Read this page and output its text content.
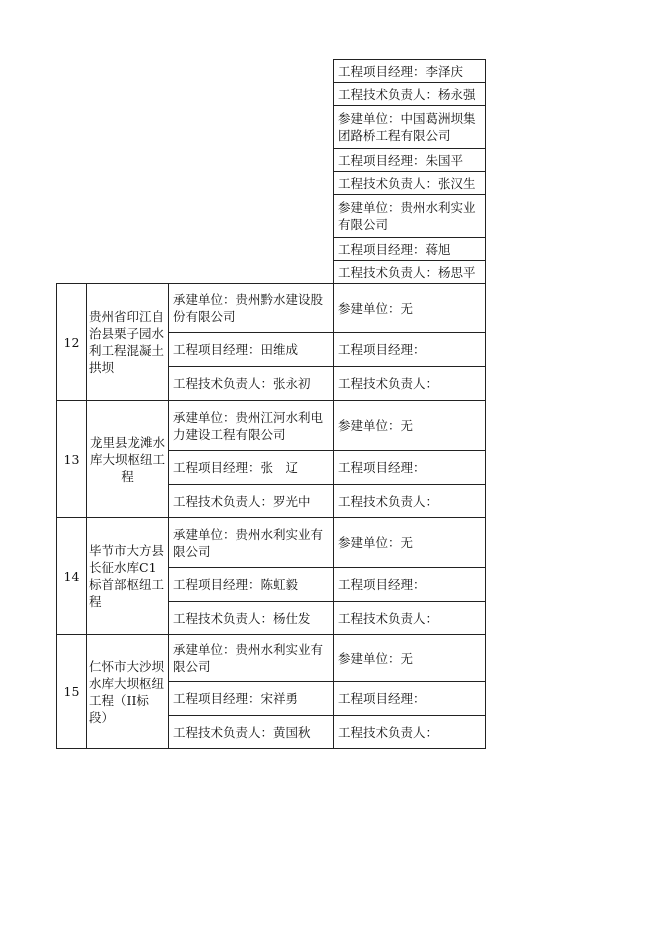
工程项目经理：李泽庆
工程技术负责人：杨永强
参建单位：中国葛洲坝集团路桥工程有限公司
工程项目经理：朱国平
工程技术负责人：张汉生
参建单位：贵州水利实业有限公司
工程项目经理：蒋旭
工程技术负责人：杨思平
12
贵州省印江自治县栗子园水利工程混凝土拱坝
承建单位：贵州黔水建设股份有限公司
工程项目经理：田维成
工程技术负责人：张永初
参建单位：无
工程项目经理：
工程技术负责人：
13
龙里县龙滩水库大坝枢纽工程
承建单位：贵州江河水利电力建设工程有限公司
工程项目经理：张　辽
工程技术负责人：罗光中
参建单位：无
工程项目经理：
工程技术负责人：
14
毕节市大方县长征水库C1标首部枢纽工程
承建单位：贵州水利实业有限公司
工程项目经理：陈虹毅
工程技术负责人：杨仕发
参建单位：无
工程项目经理：
工程技术负责人：
15
仁怀市大沙坝水库大坝枢纽工程（II标段）
承建单位：贵州水利实业有限公司
工程项目经理：宋祥勇
工程技术负责人：黄国秋
参建单位：无
工程项目经理：
工程技术负责人：
